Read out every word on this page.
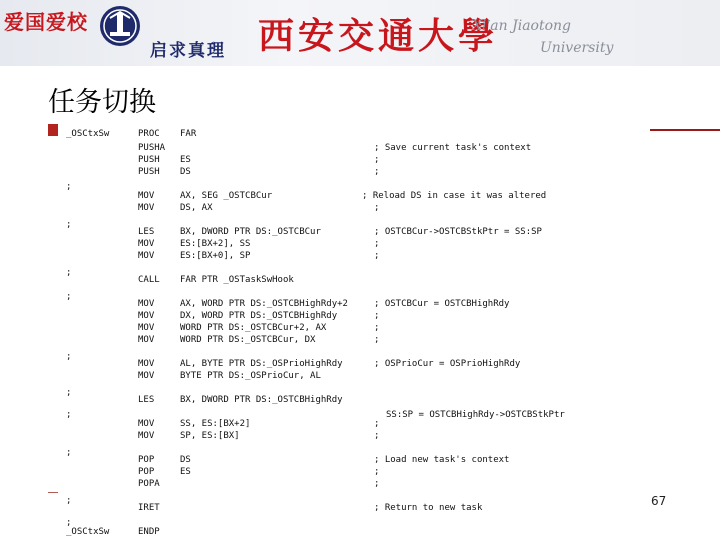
爱国爱校
启求真理 西安交通大學
Xi'an Jiaotong
University
任务切换
67
_OSCtxSw	PROC FAR
PUSHA	; Save current task's context
PUSH ES	;
PUSH DS	;
;
MOV	AX, SEG _OSTCBCur	; Reload DS in case it was altered
MOV	DS, AX	;
;
LES	BX, DWORD PTR DS:_OSTCBCur	; OSTCBCur->OSTCBStkPtr = SS:SP
MOV	ES:[BX+2], SS	;
MOV	ES:[BX+0], SP	;
;
CALL FAR PTR _OSTaskSwHook
;
MOV	AX, WORD PTR DS:_OSTCBHighRdy+2	; OSTCBCur = OSTCBHighRdy
MOV	DX, WORD PTR DS:_OSTCBHighRdy	;
MOV	WORD PTR DS:_OSTCBCur+2, AX	;
MOV	WORD PTR DS:_OSTCBCur, DX	;
;
MOV	AL, BYTE PTR DS:_OSPrioHighRdy	; OSPrioCur = OSPrioHighRdy
MOV	BYTE PTR DS:_OSPrioCur, AL
;
LES	BX, DWORD PTR DS:_OSTCBHighRdy
;	SS:SP = OSTCBHighRdy->OSTCBStkPtr
MOV	SS, ES:[BX+2]	;
MOV	SP, ES:[BX]	;
;
POP	DS	; Load new task's context
POP	ES	;
POPA	;
;
IRET	; Return to new task
;
_OSCtxSw	ENDP
